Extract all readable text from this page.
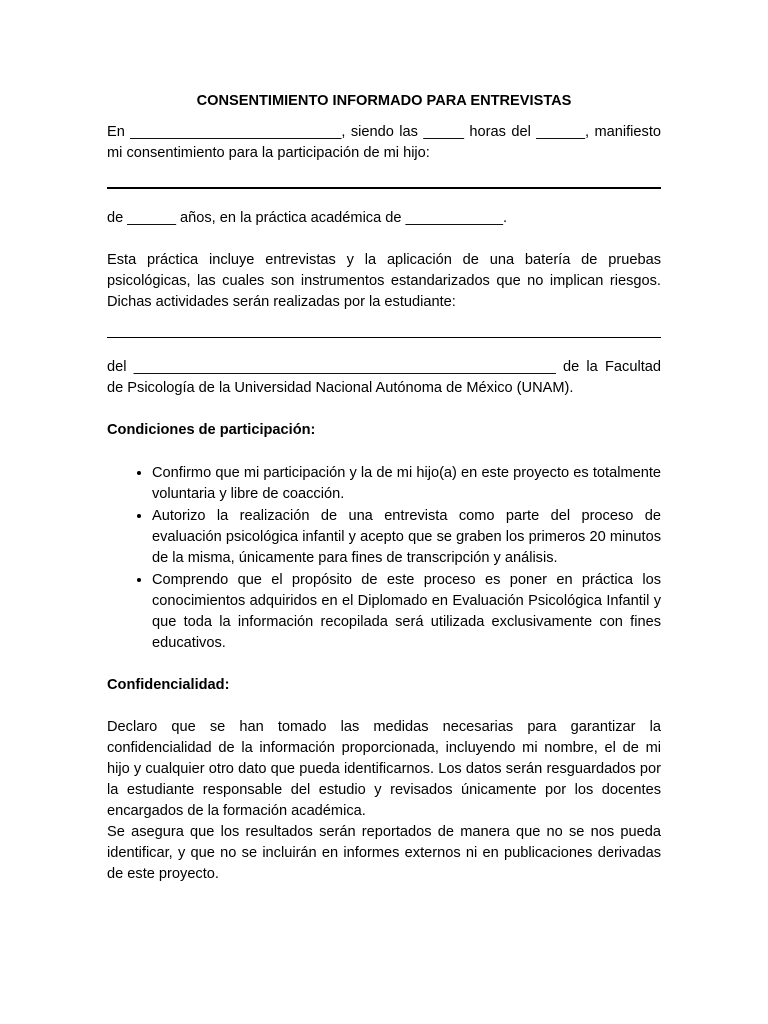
CONSENTIMIENTO INFORMADO PARA ENTREVISTAS

En __________________________, siendo las _____ horas del ______, manifiesto mi consentimiento para la participación de mi hijo:

de ______ años, en la práctica académica de ____________.

Esta práctica incluye entrevistas y la aplicación de una batería de pruebas psicológicas, las cuales son instrumentos estandarizados que no implican riesgos. Dichas actividades serán realizadas por la estudiante:

del ____________________________________________________ de la Facultad de Psicología de la Universidad Nacional Autónoma de México (UNAM).

Condiciones de participación:

• Confirmo que mi participación y la de mi hijo(a) en este proyecto es totalmente voluntaria y libre de coacción.
• Autorizo la realización de una entrevista como parte del proceso de evaluación psicológica infantil y acepto que se graben los primeros 20 minutos de la misma, únicamente para fines de transcripción y análisis.
• Comprendo que el propósito de este proceso es poner en práctica los conocimientos adquiridos en el Diplomado en Evaluación Psicológica Infantil y que toda la información recopilada será utilizada exclusivamente con fines educativos.

Confidencialidad:

Declaro que se han tomado las medidas necesarias para garantizar la confidencialidad de la información proporcionada, incluyendo mi nombre, el de mi hijo y cualquier otro dato que pueda identificarnos. Los datos serán resguardados por la estudiante responsable del estudio y revisados únicamente por los docentes encargados de la formación académica.

Se asegura que los resultados serán reportados de manera que no se nos pueda identificar, y que no se incluirán en informes externos ni en publicaciones derivadas de este proyecto.
